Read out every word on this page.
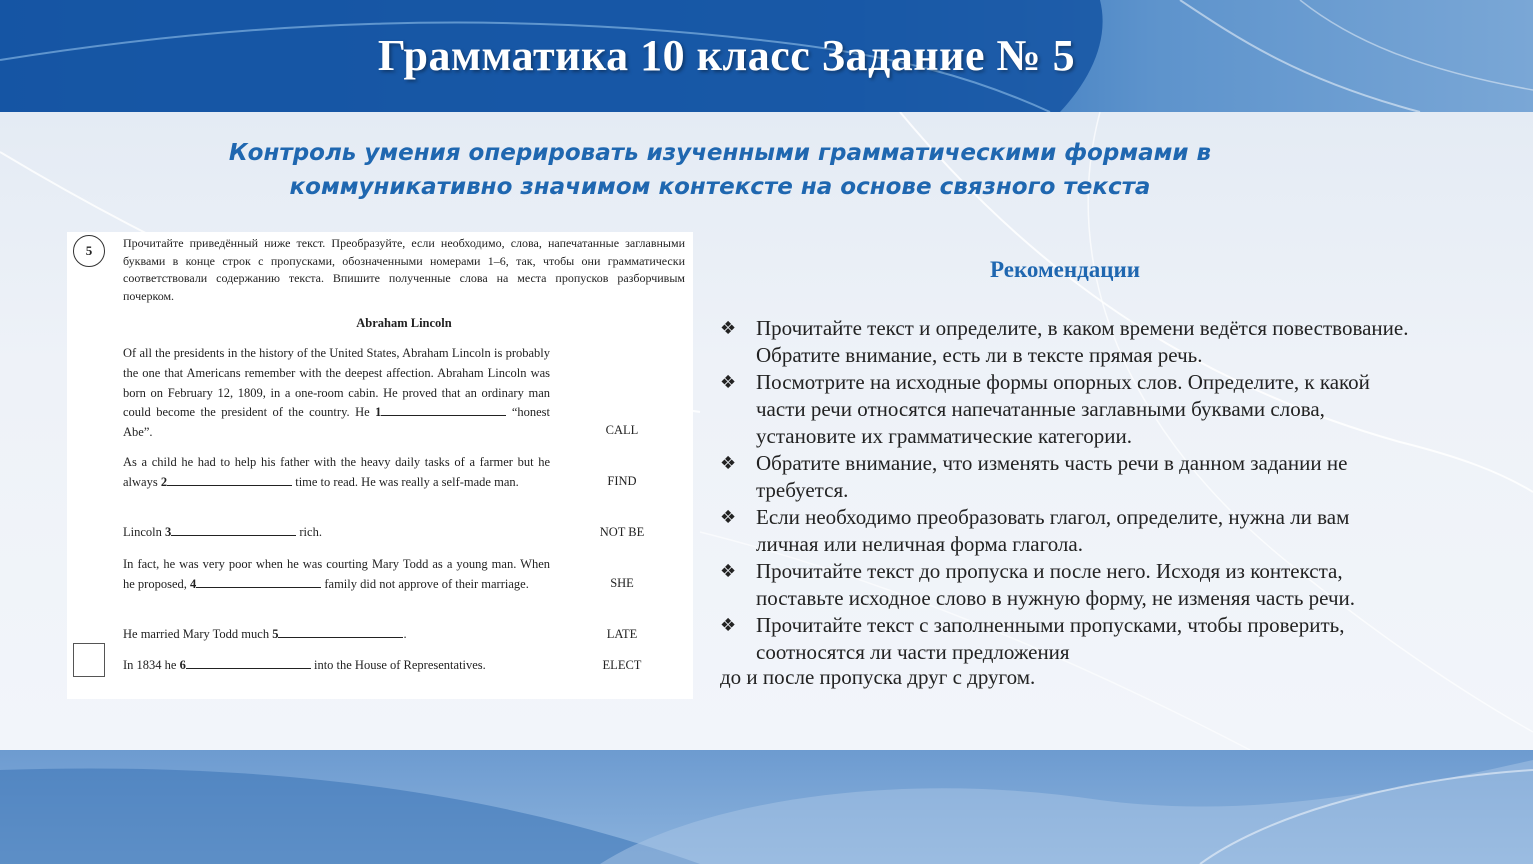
Грамматика 10 класс Задание № 5
Контроль умения оперировать изученными грамматическими формами в
коммуникативно значимом контексте на основе связного текста
5	Прочитайте приведённый ниже текст. Преобразуйте, если необходимо, слова, напечатанные заглавными буквами в конце строк с пропусками, обозначенными номерами 1–6, так, чтобы они грамматически соответствовали содержанию текста. Впишите полученные слова на места пропусков разборчивым почерком.
Abraham Lincoln
Of all the presidents in the history of the United States, Abraham Lincoln is probably the one that Americans remember with the deepest affection. Abraham Lincoln was born on February 12, 1809, in a one-room cabin. He proved that an ordinary man could become the president of the country. He 1	“honest Abe”.	CALL
As a child he had to help his father with the heavy daily tasks of a farmer but he always 2	time to read. He was really a self-made man.	FIND
Lincoln 3	rich.	NOT BE
In fact, he was very poor when he was courting Mary Todd as a young man. When he proposed, 4	family did not approve of their marriage.	SHE
He married Mary Todd much 5	.	LATE
In 1834 he 6	into the House of Representatives.	ELECT
Рекомендации
❖ Прочитайте текст и определите, в каком времени ведётся повествование. Обратите внимание, есть ли в тексте прямая речь.
❖ Посмотрите на исходные формы опорных слов. Определите, к какой части речи относятся напечатанные заглавными буквами слова, установите их грамматические категории.
❖ Обратите внимание, что изменять часть речи в данном задании не требуется.
❖ Если необходимо преобразовать глагол, определите, нужна ли вам личная или неличная форма глагола.
❖ Прочитайте текст до пропуска и после него. Исходя из контекста, поставьте исходное слово в нужную форму, не изменяя часть речи.
❖ Прочитайте текст с заполненными пропусками, чтобы проверить, соотносятся ли части предложения
до и после пропуска друг с другом.
